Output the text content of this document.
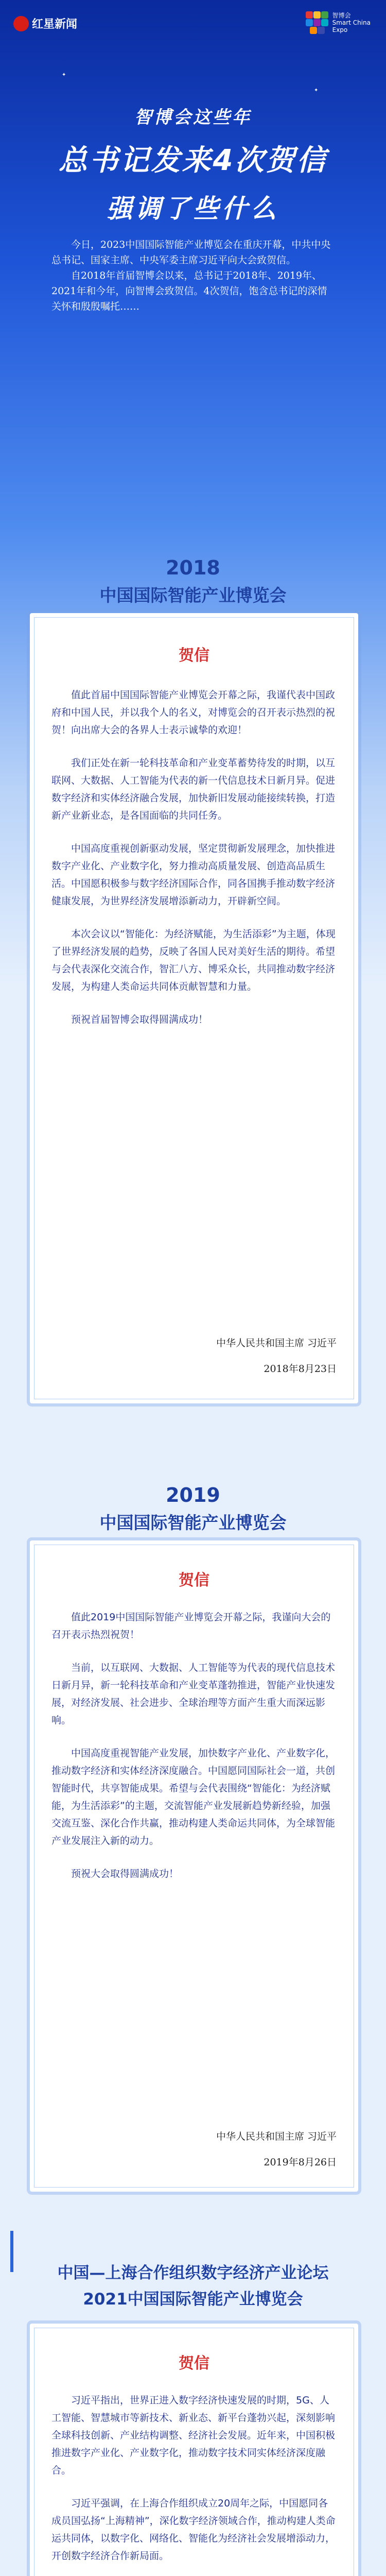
红星新闻
智博会
Smart China
Expo
✦
✦
智博会这些年
总书记发来4次贺信
强调了些什么

今日，2023中国国际智能产业博览会在重庆开幕，中共中央总书记、国家主席、中央军委主席习近平向大会致贺信。

自2018年首届智博会以来，总书记于2018年、2019年、2021年和今年，向智博会致贺信。4次贺信，饱含总书记的深情关怀和殷殷嘱托……

2018
中国国际智能产业博览会
贺信

值此首届中国国际智能产业博览会开幕之际，我谨代表中国政府和中国人民，并以我个人的名义，对博览会的召开表示热烈的祝贺！向出席大会的各界人士表示诚挚的欢迎！

我们正处在新一轮科技革命和产业变革蓄势待发的时期，以互联网、大数据、人工智能为代表的新一代信息技术日新月异。促进数字经济和实体经济融合发展，加快新旧发展动能接续转换，打造新产业新业态，是各国面临的共同任务。

中国高度重视创新驱动发展，坚定贯彻新发展理念，加快推进数字产业化、产业数字化，努力推动高质量发展、创造高品质生活。中国愿积极参与数字经济国际合作，同各国携手推动数字经济健康发展，为世界经济发展增添新动力，开辟新空间。

本次会议以“智能化：为经济赋能，为生活添彩”为主题，体现了世界经济发展的趋势，反映了各国人民对美好生活的期待。希望与会代表深化交流合作，智汇八方、博采众长，共同推动数字经济发展，为构建人类命运共同体贡献智慧和力量。

预祝首届智博会取得圆满成功！

中华人民共和国主席 习近平
2018年8月23日
2019
中国国际智能产业博览会
贺信

值此2019中国国际智能产业博览会开幕之际，我谨向大会的召开表示热烈祝贺！

当前，以互联网、大数据、人工智能等为代表的现代信息技术日新月异，新一轮科技革命和产业变革蓬勃推进，智能产业快速发展，对经济发展、社会进步、全球治理等方面产生重大而深远影响。

中国高度重视智能产业发展，加快数字产业化、产业数字化，推动数字经济和实体经济深度融合。中国愿同国际社会一道，共创智能时代，共享智能成果。希望与会代表围绕“智能化：为经济赋能，为生活添彩”的主题，交流智能产业发展新趋势新经验，加强交流互鉴、深化合作共赢，推动构建人类命运共同体，为全球智能产业发展注入新的动力。

预祝大会取得圆满成功！

中华人民共和国主席 习近平
2019年8月26日
中国—上海合作组织数字经济产业论坛
2021中国国际智能产业博览会
贺信

习近平指出，世界正进入数字经济快速发展的时期，5G、人工智能、智慧城市等新技术、新业态、新平台蓬勃兴起，深刻影响全球科技创新、产业结构调整、经济社会发展。近年来，中国积极推进数字产业化、产业数字化，推动数字技术同实体经济深度融合。

习近平强调，在上海合作组织成立20周年之际，中国愿同各成员国弘扬“上海精神”，深化数字经济领域合作，推动构建人类命运共同体，以数字化、网络化、智能化为经济社会发展增添动力，开创数字经济合作新局面。
